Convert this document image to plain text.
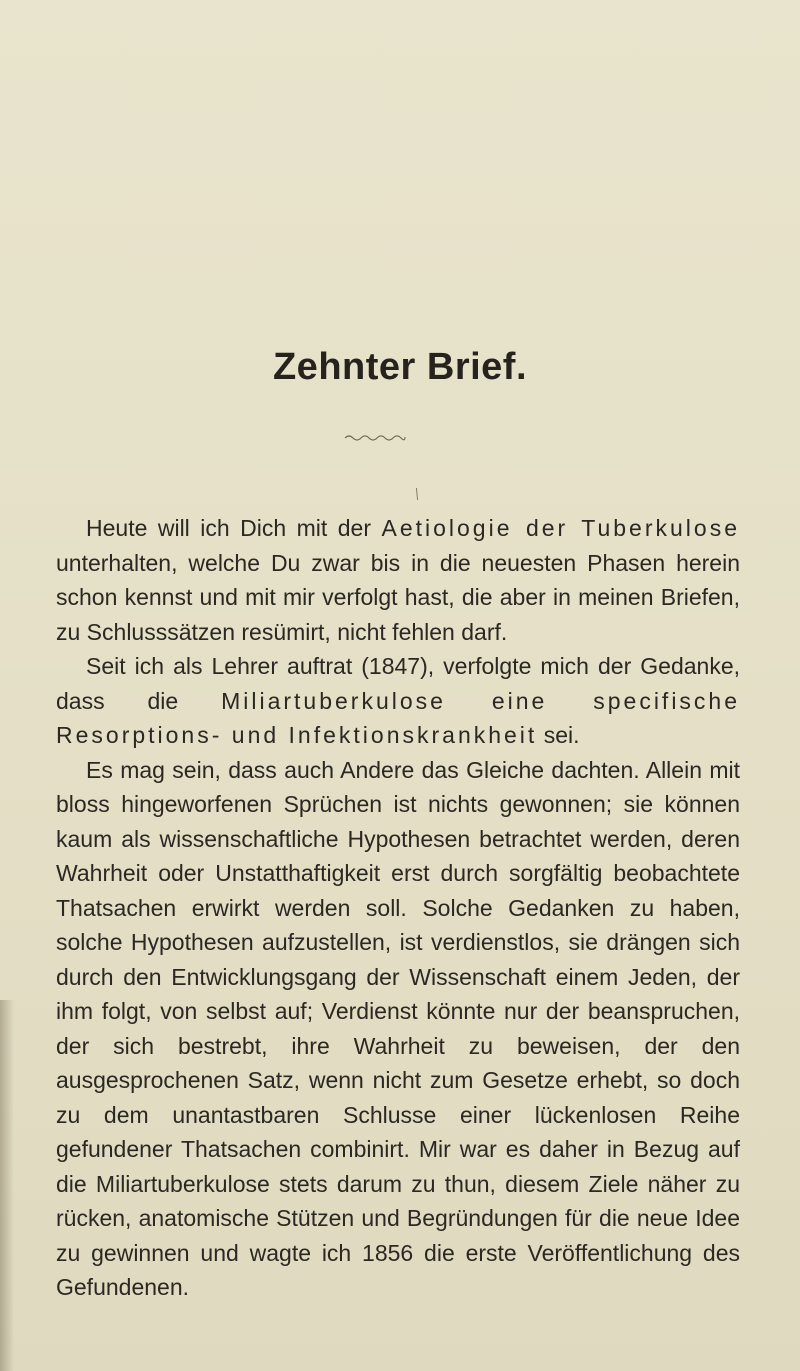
Zehnter Brief.

Heute will ich Dich mit der Aetiologie der Tuberkulose unterhalten, welche Du zwar bis in die neuesten Phasen herein schon kennst und mit mir verfolgt hast, die aber in meinen Briefen, zu Schlusssätzen resümirt, nicht fehlen darf.

Seit ich als Lehrer auftrat (1847), verfolgte mich der Gedanke, dass die Miliartuberkulose eine specifische Resorptions- und Infektionskrankheit sei.

Es mag sein, dass auch Andere das Gleiche dachten. Allein mit bloss hingeworfenen Sprüchen ist nichts gewonnen; sie können kaum als wissenschaftliche Hypothesen betrachtet werden, deren Wahrheit oder Unstatthaftigkeit erst durch sorgfältig beobachtete Thatsachen erwirkt werden soll. Solche Gedanken zu haben, solche Hypothesen aufzustellen, ist verdienstlos, sie drängen sich durch den Entwicklungsgang der Wissenschaft einem Jeden, der ihm folgt, von selbst auf; Verdienst könnte nur der beanspruchen, der sich bestrebt, ihre Wahrheit zu beweisen, der den ausgesprochenen Satz, wenn nicht zum Gesetze erhebt, so doch zu dem unantastbaren Schlusse einer lückenlosen Reihe gefundener Thatsachen combinirt. Mir war es daher in Bezug auf die Miliartuberkulose stets darum zu thun, diesem Ziele näher zu rücken, anatomische Stützen und Begründungen für die neue Idee zu gewinnen und wagte ich 1856 die erste Veröffentlichung des Gefundenen.
